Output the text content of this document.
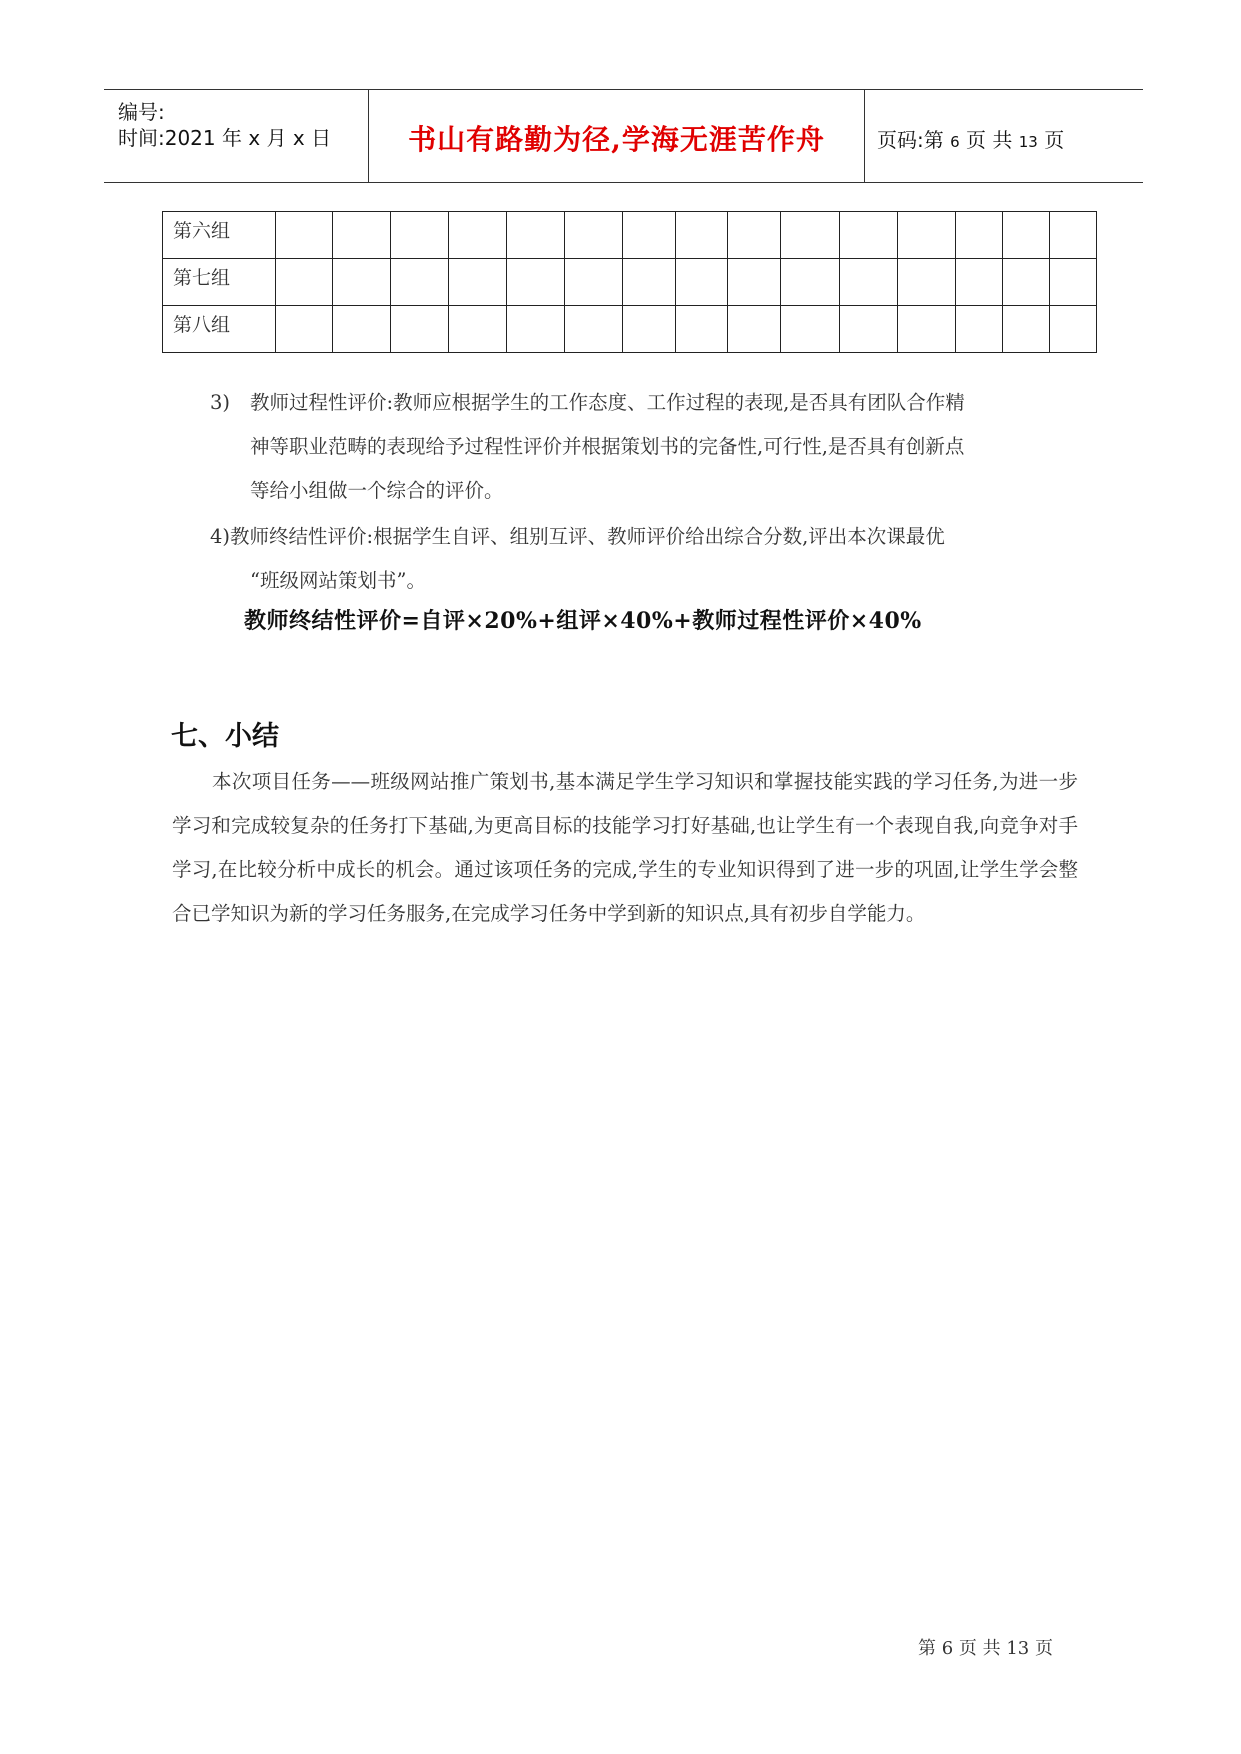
编号:
时间:2021 年 x 月 x 日	书山有路勤为径,学海无涯苦作舟	页码:第 6 页 共 13 页
第六组															
第七组															
第八组															
3) 教师过程性评价:教师应根据学生的工作态度、工作过程的表现,是否具有团队合作精
神等职业范畴的表现给予过程性评价并根据策划书的完备性,可行性,是否具有创新点
等给小组做一个综合的评价。
4)教师终结性评价:根据学生自评、组别互评、教师评价给出综合分数,评出本次课最优
“班级网站策划书”。
教师终结性评价=自评×20%+组评×40%+教师过程性评价×40%
七、小结
本次项目任务——班级网站推广策划书,基本满足学生学习知识和掌握技能实践的学习任务,为进一步学习和完成较复杂的任务打下基础,为更高目标的技能学习打好基础,也让学生有一个表现自我,向竞争对手学习,在比较分析中成长的机会。通过该项任务的完成,学生的专业知识得到了进一步的巩固,让学生学会整合已学知识为新的学习任务服务,在完成学习任务中学到新的知识点,具有初步自学能力。
第 6 页 共 13 页
